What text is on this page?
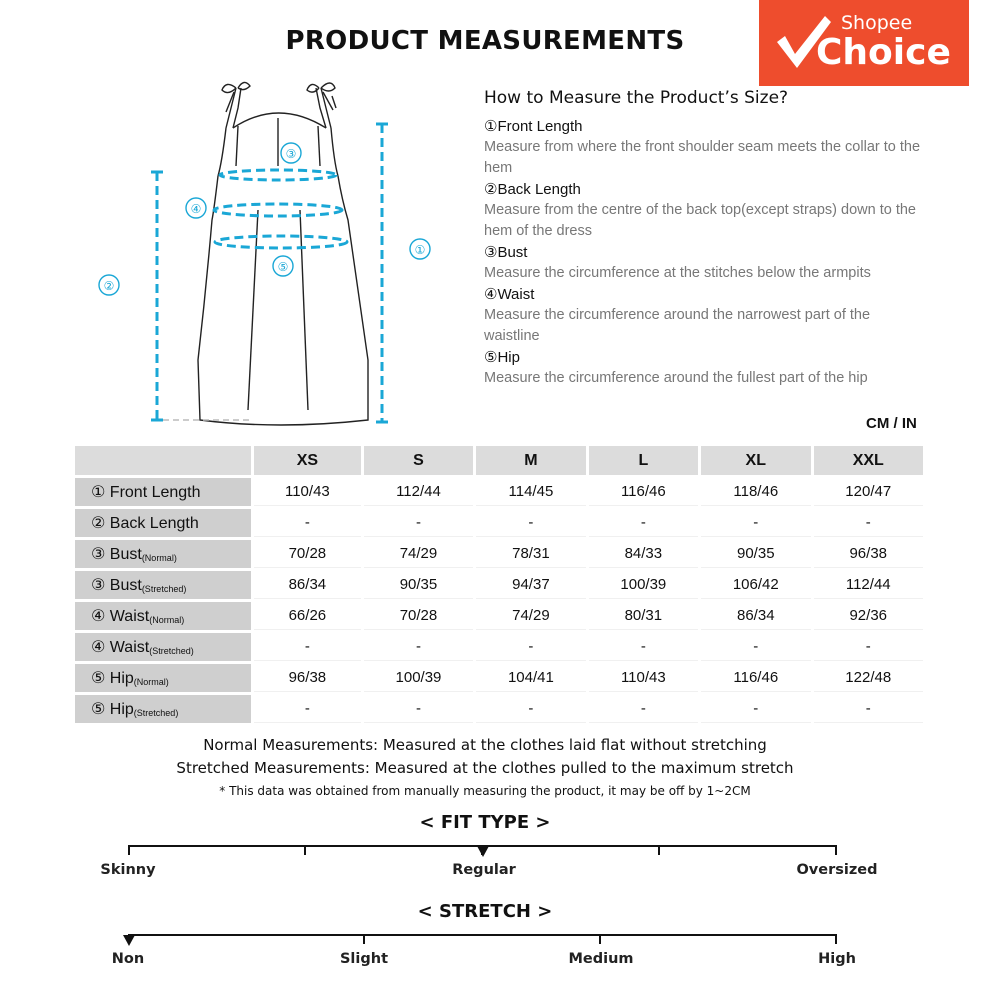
PRODUCT MEASUREMENTS
Shopee
Choice
①
②
③
④
⑤
How to Measure the Product’s Size?
①Front Length
Measure from where the front shoulder seam meets the collar to the hem
②Back Length
Measure from the centre of the back top(except straps) down to the hem of the dress
③Bust
Measure the circumference at the stitches below the armpits
④Waist
Measure the circumference around the narrowest part of the waistline
⑤Hip
Measure the circumference around the fullest part of the hip
CM / IN
	XS	S	M	L	XL	XXL
① Front Length	110/43	112/44	114/45	116/46	118/46	120/47
② Back Length	-	-	-	-	-	-
③ Bust$_{(Normal)}$	70/28	74/29	78/31	84/33	90/35	96/38
③ Bust$_{(Stretched)}$	86/34	90/35	94/37	100/39	106/42	112/44
④ Waist$_{(Normal)}$	66/26	70/28	74/29	80/31	86/34	92/36
④ Waist$_{(Stretched)}$	-	-	-	-	-	-
⑤ Hip$_{(Normal)}$	96/38	100/39	104/41	110/43	116/46	122/48
⑤ Hip$_{(Stretched)}$	-	-	-	-	-	-
Normal Measurements: Measured at the clothes laid flat without stretching
Stretched Measurements: Measured at the clothes pulled to the maximum stretch
* This data was obtained from manually measuring the product, it may be off by 1~2CM
< FIT TYPE >
Skinny	Regular	Oversized
< STRETCH >
Non	Slight	Medium	High
